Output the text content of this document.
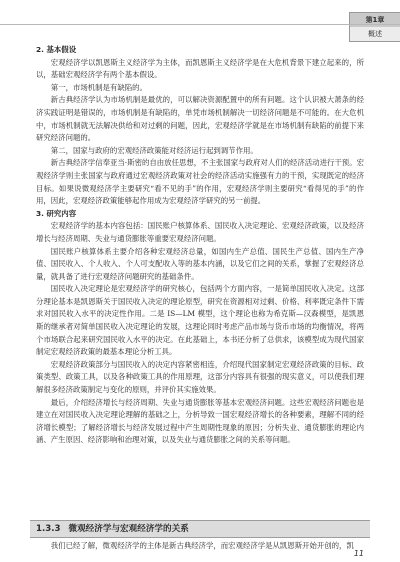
第1章
概述

2. 基本假设

宏观经济学以凯恩斯主义经济学为主体，而凯恩斯主义经济学是在大危机背景下建立起来的，所以，基础宏观经济学有两个基本假设。

第一，市场机制是有缺陷的。

新古典经济学认为市场机制是最优的，可以解决资源配置中的所有问题。这个认识被大萧条的经济实践证明是错误的，市场机制是有缺陷的，单凭市场机制解决一切经济问题是不可能的。在大危机中，市场机制就无法解决供给和对过剩的问题，因此，宏观经济学就是在市场机制有缺陷的前提下来研究经济问题的。

第二，国家与政府的宏观经济政策能对经济运行起到调节作用。

新古典经济学信奉亚当·斯密的自由放任思想，不主张国家与政府对人们的经济活动进行干预。宏观经济学则主张国家与政府通过宏观经济政策对社会的经济活动实施强有力的干预，实现既定的经济目标。如果说微观经济学主要研究“看不见的手”的作用，宏观经济学则主要研究“看得见的手”的作用，因此，宏观经济政策能够起作用成为宏观经济学研究的另一前提。

3. 研究内容

宏观经济学的基本内容包括：国民账户核算体系、国民收入决定理论、宏观经济政策，以及经济增长与经济周期、失业与通货膨胀等重要宏观经济问题。

国民账户核算体系主要介绍各种宏观经济总量，如国内生产总值、国民生产总值、国内生产净值、国民收入、个人收入、个人可支配收入等的基本内涵，以及它们之间的关系，掌握了宏观经济总量，就具备了进行宏观经济问题研究的基础条件。

国民收入决定理论是宏观经济学的研究核心，包括两个方面内容，一是简单国民收入决定。这部分理论基本是凯恩斯关于国民收入决定的理论原型，研究在资源相对过剩、价格、利率既定条件下需求对国民收入水平的决定性作用。二是 IS—LM 模型，这个理论也称为希克斯—汉森模型，是凯恩斯的继承者对简单国民收入决定理论的发展，这理论同时考虑产品市场与货币市场的均衡情况，将两个市场联合起来研究国民收入水平的决定。在此基础上，本书还分析了总供求，该模型成为现代国家制定宏观经济政策的最基本理论分析工具。

宏观经济政策部分与国民收入的决定内容紧密相连，介绍现代国家制定宏观经济政策的目标、政策类型、政策工具，以及各种政策工具的作用原理，这部分内容具有很强的现实意义，可以使我们理解很多经济政策制定与变化的原则，并评价其实施效果。

最后，介绍经济增长与经济周期、失业与通货膨胀等基本宏观经济问题。这些宏观经济问题也是建立在对国民收入决定理论理解的基础之上，分析导致一国宏观经济增长的各种要素，理解不同的经济增长模型；了解经济增长与经济发展过程中产生周期性现象的原因；分析失业、通货膨胀的理论内涵、产生原因、经济影响和治理对策，以及失业与通货膨胀之间的关系等问题。

1.3.3 微观经济学与宏观经济学的关系
我们已经了解，微观经济学的主体是新古典经济学，而宏观经济学是从凯恩斯开始开创的，凯
11
